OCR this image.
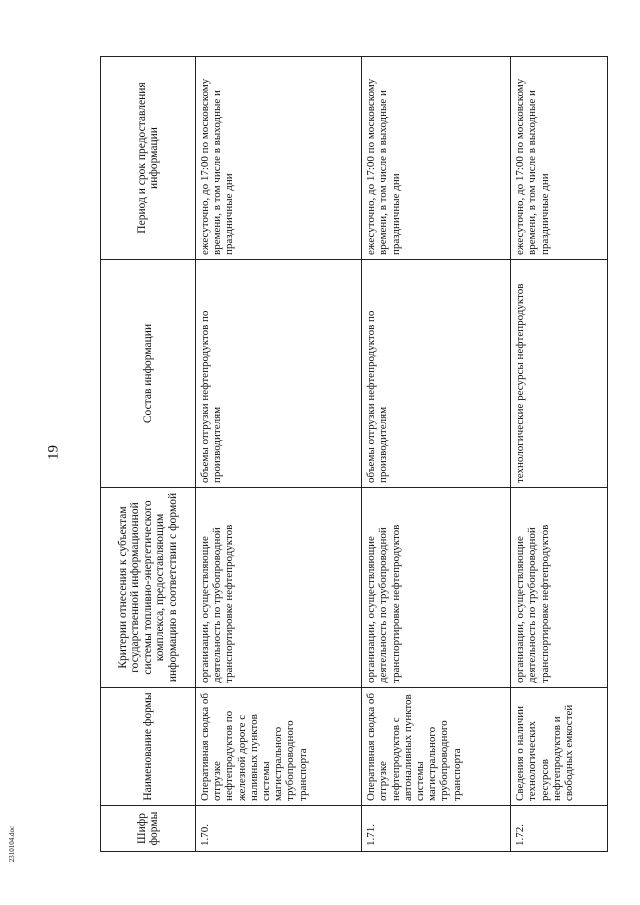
19
Шифр формы	Наименование формы	Критерии отнесения к субъектам государственной информационной системы топливно-энергетического комплекса, предоставляющим информацию в соответствии с формой	Состав информации	Период и срок предоставления информации
1.70.	Оперативная сводка об отгрузке нефтепродуктов по железной дороге с наливных пунктов системы магистрального трубопроводного транспорта	организации, осуществляющие деятельность по трубопроводной транспортировке нефтепродуктов	объемы отгрузки нефтепродуктов по производителям	ежесуточно, до 17:00 по московскому времени, в том числе в выходные и праздничные дни
1.71.	Оперативная сводка об отгрузке нефтепродуктов с автоналивных пунктов системы магистрального трубопроводного транспорта	организации, осуществляющие деятельность по трубопроводной транспортировке нефтепродуктов	объемы отгрузки нефтепродуктов по производителям	ежесуточно, до 17:00 по московскому времени, в том числе в выходные и праздничные дни
1.72.	Сведения о наличии технологических ресурсов нефтепродуктов и свободных емкостей	организации, осуществляющие деятельность по трубопроводной транспортировке нефтепродуктов	технологические ресурсы нефтепродуктов	ежесуточно, до 17:00 по московскому времени, в том числе в выходные и праздничные дни
2310104.doc
